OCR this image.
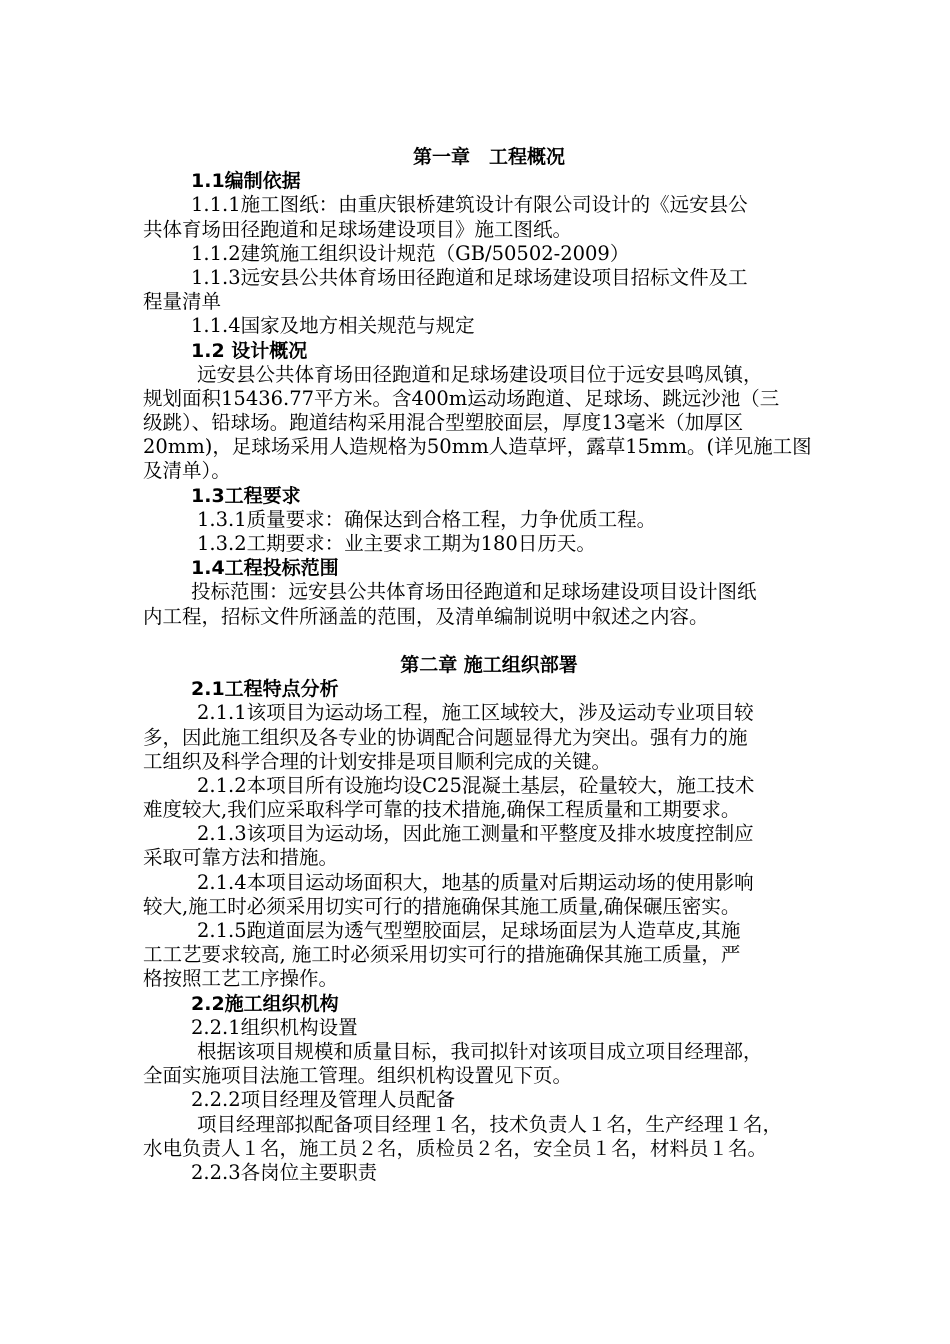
第一章　工程概况
1.1编制依据
1.1.1施工图纸：由重庆银桥建筑设计有限公司设计的《远安县公
共体育场田径跑道和足球场建设项目》施工图纸。
1.1.2建筑施工组织设计规范（GB/50502-2009）
1.1.3远安县公共体育场田径跑道和足球场建设项目招标文件及工
程量清单
1.1.4国家及地方相关规范与规定
1.2 设计概况
远安县公共体育场田径跑道和足球场建设项目位于远安县鸣凤镇，
规划面积15436.77平方米。含400m运动场跑道、足球场、跳远沙池（三
级跳）、铅球场。跑道结构采用混合型塑胶面层，厚度13毫米（加厚区
20mm)，足球场采用人造规格为50mm人造草坪，露草15mm。(详见施工图
及清单）。
1.3工程要求
1.3.1质量要求：确保达到合格工程，力争优质工程。
1.3.2工期要求：业主要求工期为180日历天。
1.4工程投标范围
投标范围：远安县公共体育场田径跑道和足球场建设项目设计图纸
内工程，招标文件所涵盖的范围，及清单编制说明中叙述之内容。
第二章 施工组织部署
2.1工程特点分析
2.1.1该项目为运动场工程，施工区域较大，涉及运动专业项目较
多，因此施工组织及各专业的协调配合问题显得尤为突出。强有力的施
工组织及科学合理的计划安排是项目顺利完成的关键。
2.1.2本项目所有设施均设C25混凝土基层，砼量较大，施工技术
难度较大,我们应采取科学可靠的技术措施,确保工程质量和工期要求。
2.1.3该项目为运动场，因此施工测量和平整度及排水坡度控制应
采取可靠方法和措施。
2.1.4本项目运动场面积大，地基的质量对后期运动场的使用影响
较大,施工时必须采用切实可行的措施确保其施工质量,确保碾压密实。
2.1.5跑道面层为透气型塑胶面层，足球场面层为人造草皮,其施
工工艺要求较高, 施工时必须采用切实可行的措施确保其施工质量，严
格按照工艺工序操作。
2.2施工组织机构
2.2.1组织机构设置
根据该项目规模和质量目标，我司拟针对该项目成立项目经理部，
全面实施项目法施工管理。组织机构设置见下页。
2.2.2项目经理及管理人员配备
项目经理部拟配备项目经理１名，技术负责人１名，生产经理１名，
水电负责人１名，施工员２名，质检员２名，安全员１名，材料员１名。
2.2.3各岗位主要职责
